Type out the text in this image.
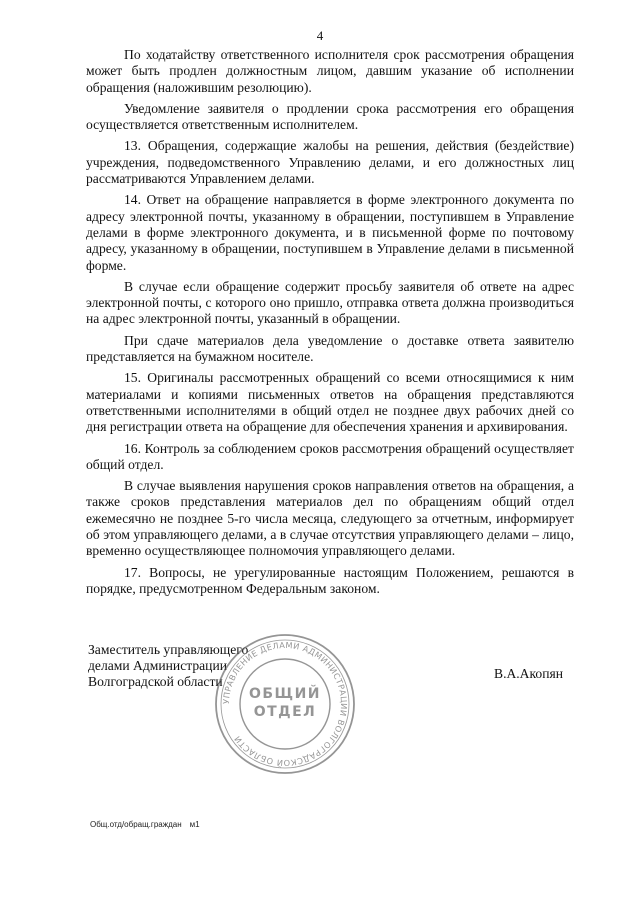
4

По ходатайству ответственного исполнителя срок рассмотрения обращения может быть продлен должностным лицом, давшим указание об исполнении обращения (наложившим резолюцию).

Уведомление заявителя о продлении срока рассмотрения его обращения осуществляется ответственным исполнителем.

13. Обращения, содержащие жалобы на решения, действия (бездействие) учреждения, подведомственного Управлению делами, и его должностных лиц рассматриваются Управлением делами.

14. Ответ на обращение направляется в форме электронного документа по адресу электронной почты, указанному в обращении, поступившем в Управление делами в форме электронного документа, и в письменной форме по почтовому адресу, указанному в обращении, поступившем в Управление делами в письменной форме.

В случае если обращение содержит просьбу заявителя об ответе на адрес электронной почты, с которого оно пришло, отправка ответа должна производиться на адрес электронной почты, указанный в обращении.

При сдаче материалов дела уведомление о доставке ответа заявителю представляется на бумажном носителе.

15. Оригиналы рассмотренных обращений со всеми относящимися к ним материалами и копиями письменных ответов на обращения представляются ответственными исполнителями в общий отдел не позднее двух рабочих дней со дня регистрации ответа на обращение для обеспечения хранения и архивирования.

16. Контроль за соблюдением сроков рассмотрения обращений осуществляет общий отдел.

В случае выявления нарушения сроков направления ответов на обращения, а также сроков представления материалов дел по обращениям общий отдел ежемесячно не позднее 5-го числа месяца, следующего за отчетным, информирует об этом управляющего делами, а в случае отсутствия управляющего делами – лицо, временно осуществляющее полномочия управляющего делами.

17. Вопросы, не урегулированные настоящим Положением, решаются в порядке, предусмотренном Федеральным законом.

Заместитель управляющего
делами Администрации
Волгоградской области
В.А.Акопян
УПРАВЛЕНИЕ ДЕЛАМИ АДМИНИСТРАЦИИ ВОЛГОГРАДСКОЙ ОБЛАСТИ
ОБЩИЙ
ОТДЕЛ
Общ.отд/обращ.граждан м1
